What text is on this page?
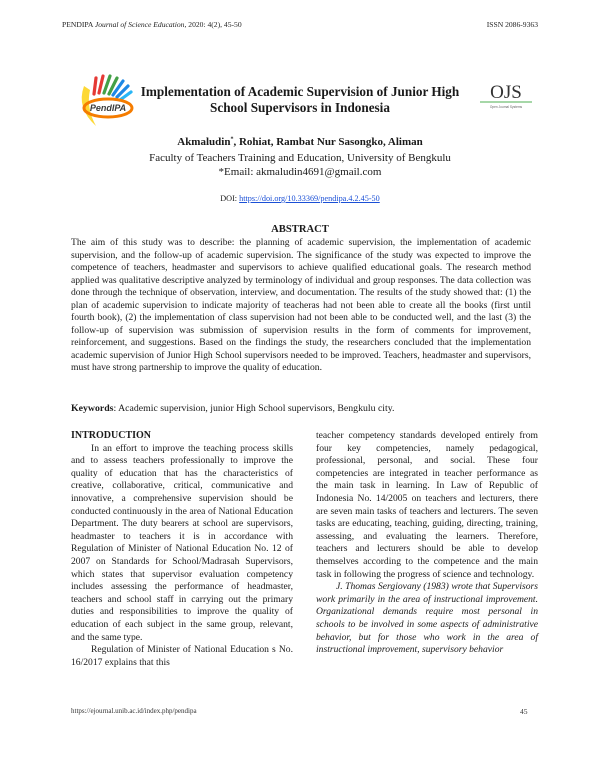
PENDIPA Journal of Science Education, 2020: 4(2), 45-50	ISSN 2086-9363
PendIPA
Implementation of Academic Supervision of Junior High School Supervisors in Indonesia
OJS
Open Journal Systems
Akmaludin*, Rohiat, Rambat Nur Sasongko, Aliman
Faculty of Teachers Training and Education, University of Bengkulu
*Email: akmaludin4691@gmail.com
DOI: https://doi.org/10.33369/pendipa.4.2.45-50
ABSTRACT
The aim of this study was to describe: the planning of academic supervision, the implementation of academic supervision, and the follow-up of academic supervision. The significance of the study was expected to improve the competence of teachers, headmaster and supervisors to achieve qualified educational goals. The research method applied was qualitative descriptive analyzed by terminology of individual and group responses. The data collection was done through the technique of observation, interview, and documentation. The results of the study showed that: (1) the plan of academic supervision to indicate majority of teacheras had not been able to create all the books (first until fourth book), (2) the implementation of class supervision had not been able to be conducted well, and the last (3) the follow-up of supervision was submission of supervision results in the form of comments for improvement, reinforcement, and suggestions. Based on the findings the study, the researchers concluded that the implementation academic supervision of Junior High School supervisors needed to be improved. Teachers, headmaster and supervisors, must have strong partnership to improve the quality of education.
Keywords: Academic supervision, junior High School supervisors, Bengkulu city.

INTRODUCTION

In an effort to improve the teaching process skills and to assess teachers professionally to improve the quality of education that has the characteristics of creative, collaborative, critical, communicative and innovative, a comprehensive supervision should be conducted continuously in the area of National Education Department. The duty bearers at school are supervisors, headmaster to teachers it is in accordance with Regulation of Minister of National Education No. 12 of 2007 on Standards for School/Madrasah Supervisors, which states that supervisor evaluation competency includes assessing the performance of headmaster, teachers and school staff in carrying out the primary duties and responsibilities to improve the quality of education of each subject in the same group, relevant, and the same type.

Regulation of Minister of National Education s No. 16/2017 explains that this

teacher competency standards developed entirely from four key competencies, namely pedagogical, professional, personal, and social. These four competencies are integrated in teacher performance as the main task in learning. In Law of Republic of Indonesia No. 14/2005 on teachers and lecturers, there are seven main tasks of teachers and lecturers. The seven tasks are educating, teaching, guiding, directing, training, assessing, and evaluating the learners. Therefore, teachers and lecturers should be able to develop themselves according to the competence and the main task in following the progress of science and technology.

J. Thomas Sergiovany (1983) wrote that Supervisors work primarily in the area of instructional improvement. Organizational demands require most personal in schools to be involved in some aspects of administrative behavior, but for those who work in the area of instructional improvement, supervisory behavior

https://ejournal.unib.ac.id/index.php/pendipa	45
